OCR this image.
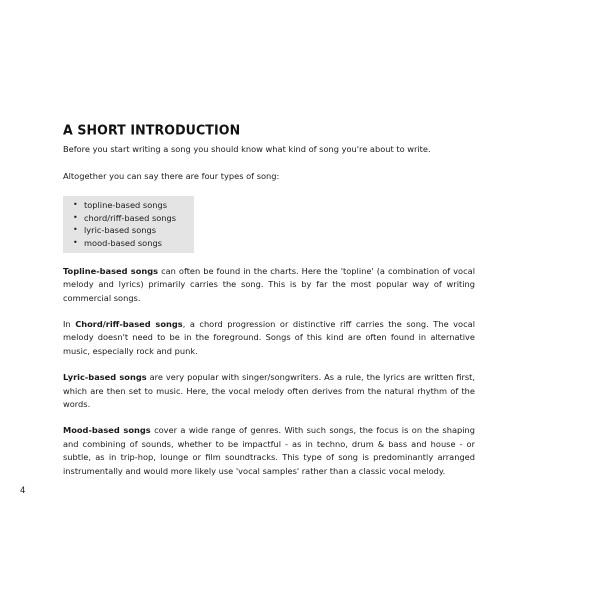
A SHORT INTRODUCTION

Before you start writing a song you should know what kind of song you're about to write.

Altogether you can say there are four types of song:

• topline-based songs
• chord/riff-based songs
• lyric-based songs
• mood-based songs

Topline-based songs can often be found in the charts. Here the 'topline' (a combination of vocal melody and lyrics) primarily carries the song. This is by far the most popular way of writing commercial songs.

In Chord/riff-based songs, a chord progression or distinctive riff carries the song. The vocal melody doesn't need to be in the foreground. Songs of this kind are often found in alternative music, especially rock and punk.

Lyric-based songs are very popular with singer/songwriters. As a rule, the lyrics are written first, which are then set to music. Here, the vocal melody often derives from the natural rhythm of the words.

Mood-based songs cover a wide range of genres. With such songs, the focus is on the shaping and combining of sounds, whether to be impactful - as in techno, drum & bass and house - or subtle, as in trip-hop, lounge or film soundtracks. This type of song is predominantly arranged instrumentally and would more likely use 'vocal samples' rather than a classic vocal melody.

4
